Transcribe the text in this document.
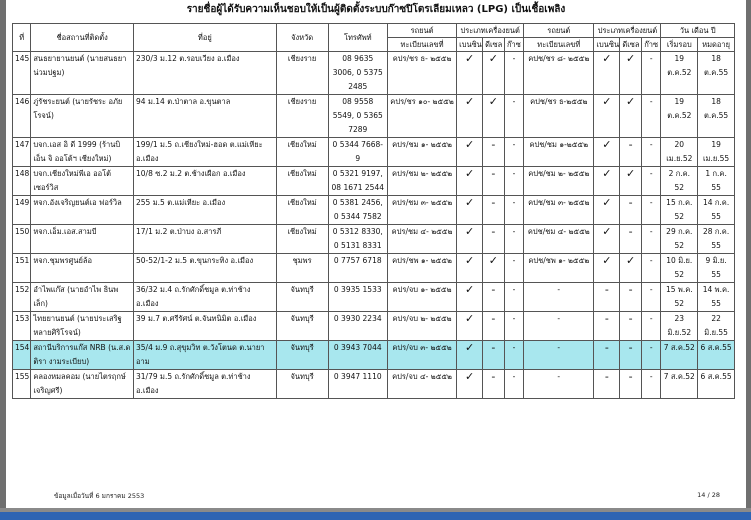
รายชื่อผู้ได้รับความเห็นชอบให้เป็นผู้ติดตั้งระบบก๊าซปิโตรเลียมเหลว (LPG) เป็นเชื้อเพลิง
ที่	ชื่อสถานที่ติดตั้ง	ที่อยู่	จังหวัด	โทรศัพท์	รถยนต์	ประเภทเครื่องยนต์			รถยนต์	ประเภทเครื่องยนต์			วัน เดือน ปี	
					ทะเบียนเลขที่	เบนซิน	ดีเซล	ก๊าซ	ทะเบียนเลขที่	เบนซิน	ดีเซล	ก๊าซ	เริ่มรอบ	หมดอายุ
145	สนธยายานยนต์ (นายสนธยา น่วมปฐม)	230/3 ม.12 ต.รอบเวียง อ.เมือง	เชียงราย	08 9635 3006, 0 5375 2485	คปร/ชร ธ- ๒๕๕๒	✓	✓	-	คปช/ชร ๘- ๒๕๕๒	✓	✓	-	19 ต.ค.52	18 ต.ค.55
146	ภู่รัชระยนต์ (นายรัชระ อภัย โรจน์)	94 ม.14 ต.ป่าตาล อ.ขุนตาล	เชียงราย	08 9558 5549, 0 5365 7289	คปร/ชร ๑๐- ๒๕๕๒	✓	✓	-	คปช/ชร ธ-๒๕๕๒	✓	✓	-	19 ต.ค.52	18 ต.ค.55
147	บจก.เอส อิ ดี 1999 (ร้านบิ เอ็น จิ ออโต้ฯ เชียงใหม่)	199/1 ม.5 ถ.เชียงใหม่-ฮอด ต.แม่เหียะ อ.เมือง	เชียงใหม่	0 5344 7668-9	คปร/ชม ๑- ๒๕๕๒	✓	-	-	คปช/ชม ๑-๒๕๕๒	✓	-	-	20 เม.ย.52	19 เม.ย.55
148	บจก.เชียงใหม่พีเอ ออโต้ เซอร์วิส	10/8 ซ.2 ม.2 ต.ช้างเผือก อ.เมือง	เชียงใหม่	0 5321 9197, 08 1671 2544	คปร/ชม ๒- ๒๕๕๒	✓	-	-	คปช/ชม ๒- ๒๕๕๒	✓	✓	-	2 ก.ค. 52	1 ก.ค. 55
149	หจก.อังเจริญยนต์เอ ฟอร์วิล	255 ม.5 ต.แม่เหียะ อ.เมือง	เชียงใหม่	0 5381 2456, 0 5344 7582	คปร/ชม ๓- ๒๕๕๒	✓	-	-	คปช/ชม ๓- ๒๕๕๒	✓	-	-	15 ก.ค. 52	14 ก.ค. 55
150	หจก.เอ็ม.เอส.สามบี	17/1 ม.2 ต.ป่าบง อ.สารภี	เชียงใหม่	0 5312 8330, 0 5131 8331	คปร/ชม ๔- ๒๕๕๒	✓	-	-	คปช/ชม ๔- ๒๕๕๒	✓	-	-	29 ก.ค. 52	28 ก.ค. 55
151	หจก.ชุมพรศูนย์ล้อ	50-52/1-2 ม.5 ต.ขุนกระทิง อ.เมือง	ชุมพร	0 7757 6718	คปร/ชพ ๑- ๒๕๕๒	✓	✓	-	คปช/ชพ ๑- ๒๕๕๒	✓	✓	-	10 มิ.ย. 52	9 มิ.ย. 55
152	อำไพแก๊ส (นายอำไพ ธินพเล็ก)	36/32 ม.4 ถ.รักศักดิ์ชมูล ต.ท่าช้าง อ.เมือง	จันทบุรี	0 3935 1533	คปร/จบ ๑- ๒๕๕๒	✓	-	-	-	-	-	-	15 พ.ค. 52	14 พ.ค. 55
153	ไทยยานยนต์ (นายประเสริฐ หลายศิริโรจน์)	39 ม.7 ต.ศรีรัศน์ ต.จันทนิมิต อ.เมือง	จันทบุรี	0 3930 2234	คปร/จบ ๒- ๒๕๕๒	✓	-	-	-	-	-	-	23 มิ.ย.52	22 มิ.ย.55
154	สถานีบริการแก๊ส NRB (น.ส.ดติรา งามระเบียบ)	35/4 ม.9 ถ.สุขุมวิท ต.วังโตนด ต.นายาอาม	จันทบุรี	0 3943 7044	คปร/จบ ๓- ๒๕๕๒	✓	-	-	-	-	-	-	7 ส.ค.52	6 ส.ค.55
155	คลองหมลคอม (นายไตรฤกษ์ เจริญศรี)	31/79 ม.5 ถ.รักศักดิ์ชมูล ต.ท่าช้าง อ.เมือง	จันทบุรี	0 3947 1110	คปร/จบ ๔- ๒๕๕๒	✓	-	-	-	-	-	-	7 ส.ค.52	6 ส.ค.55
ข้อมูลเมื่อวันที่ 6 มกราคม 2553	14 / 28
